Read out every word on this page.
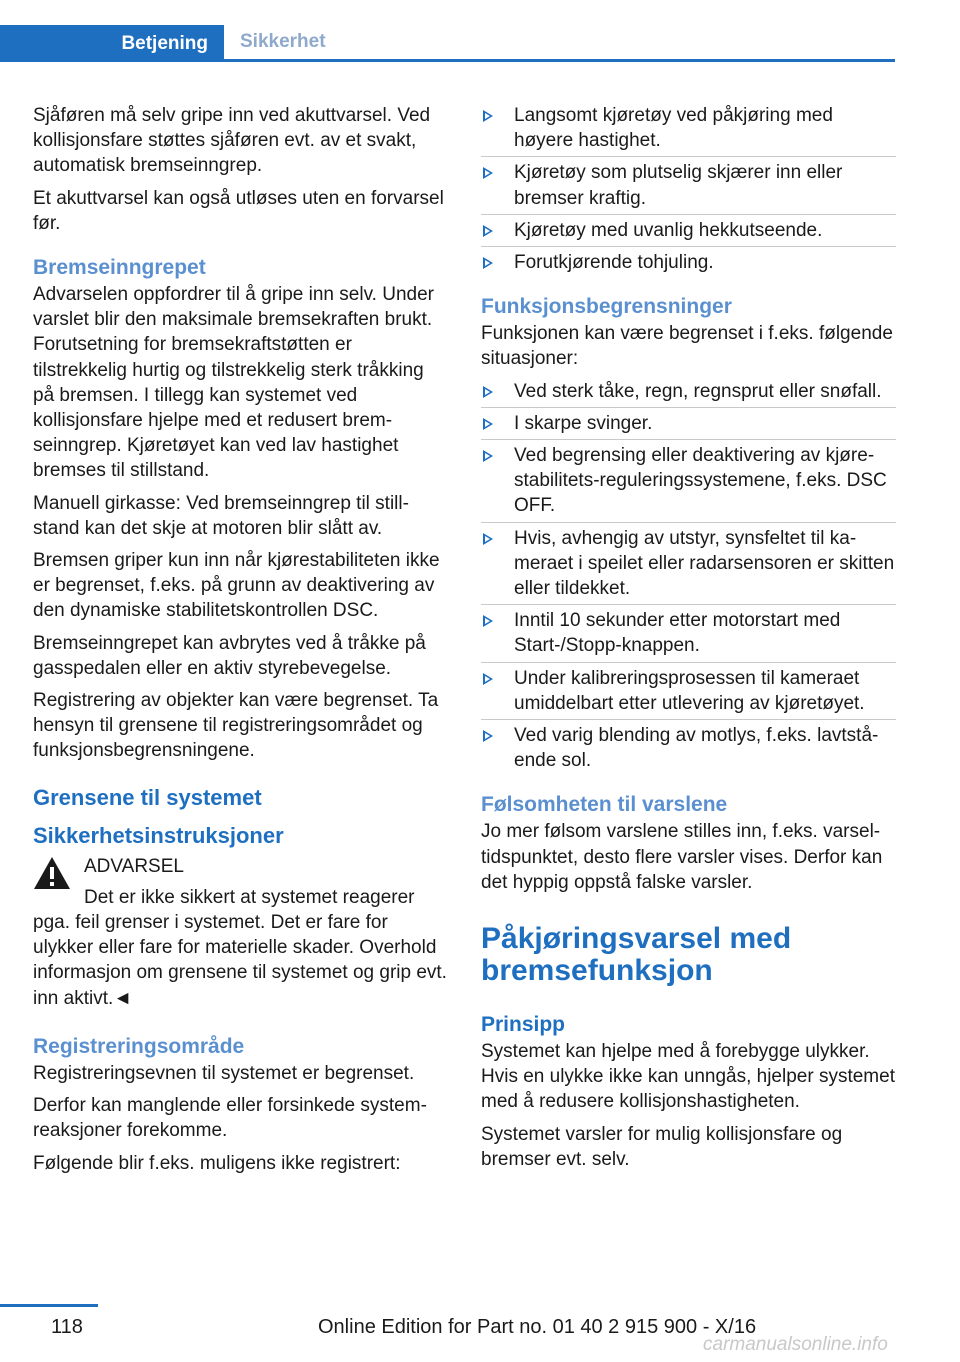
Betjening	Sikkerhet

Sjåføren må selv gripe inn ved akuttvarsel. Ved kollisjonsfare støttes sjåføren evt. av et svakt, automatisk bremseinngrep.

Et akuttvarsel kan også utløses uten en forvarsel før.

Bremseinngrepet

Advarselen oppfordrer til å gripe inn selv. Under varslet blir den maksimale bremsekraften brukt. Forutsetning for bremsekraftstøtten er tilstrekkelig hurtig og tilstrekkelig sterk tråkking på bremsen. I tillegg kan systemet ved kollisjonsfare hjelpe med et redusert bremseinngrep. Kjøretøyet kan ved lav hastighet bremses til stillstand.

Manuell girkasse: Ved bremseinngrep til stillstand kan det skje at motoren blir slått av.

Bremsen griper kun inn når kjørestabiliteten ikke er begrenset, f.eks. på grunn av deaktivering av den dynamiske stabilitetskontrollen DSC.

Bremseinngrepet kan avbrytes ved å tråkke på gasspedalen eller en aktiv styrebevegelse.

Registrering av objekter kan være begrenset. Ta hensyn til grensene til registreringsområdet og funksjonsbegrensningene.

Grensene til systemet
Sikkerhetsinstruksjoner
ADVARSEL

Det er ikke sikkert at systemet reagerer
pga. feil grenser i systemet. Det er fare for ulykker eller fare for materielle skader. Overhold informasjon om grensene til systemet og grip evt. inn aktivt.◄

Registreringsområde

Registreringsevnen til systemet er begrenset.

Derfor kan manglende eller forsinkede systemreaksjoner forekomme.

Følgende blir f.eks. muligens ikke registrert:

Langsomt kjøretøy ved påkjøring med høyere hastighet.
Kjøretøy som plutselig skjærer inn eller bremser kraftig.
Kjøretøy med uvanlig hekkutseende.
Forutkjørende tohjuling.
Funksjonsbegrensninger

Funksjonen kan være begrenset i f.eks. følgende situasjoner:

Ved sterk tåke, regn, regnsprut eller snøfall.
I skarpe svinger.
Ved begrensing eller deaktivering av kjørestabilitets-reguleringssystemene, f.eks. DSC OFF.
Hvis, avhengig av utstyr, synsfeltet til kameraet i speilet eller radarsensoren er skitten eller tildekket.
Inntil 10 sekunder etter motorstart med Start-/Stopp-knappen.
Under kalibreringsprosessen til kameraet umiddelbart etter utlevering av kjøretøyet.
Ved varig blending av motlys, f.eks. lavtstående sol.
Følsomheten til varslene

Jo mer følsom varslene stilles inn, f.eks. varseltidspunktet, desto flere varsler vises. Derfor kan det hyppig oppstå falske varsler.

Påkjøringsvarsel med bremsefunksjon
Prinsipp

Systemet kan hjelpe med å forebygge ulykker. Hvis en ulykke ikke kan unngås, hjelper systemet med å redusere kollisjonshastigheten.

Systemet varsler for mulig kollisjonsfare og bremser evt. selv.

118	Online Edition for Part no. 01 40 2 915 900 - X/16
carmanualsonline.info
